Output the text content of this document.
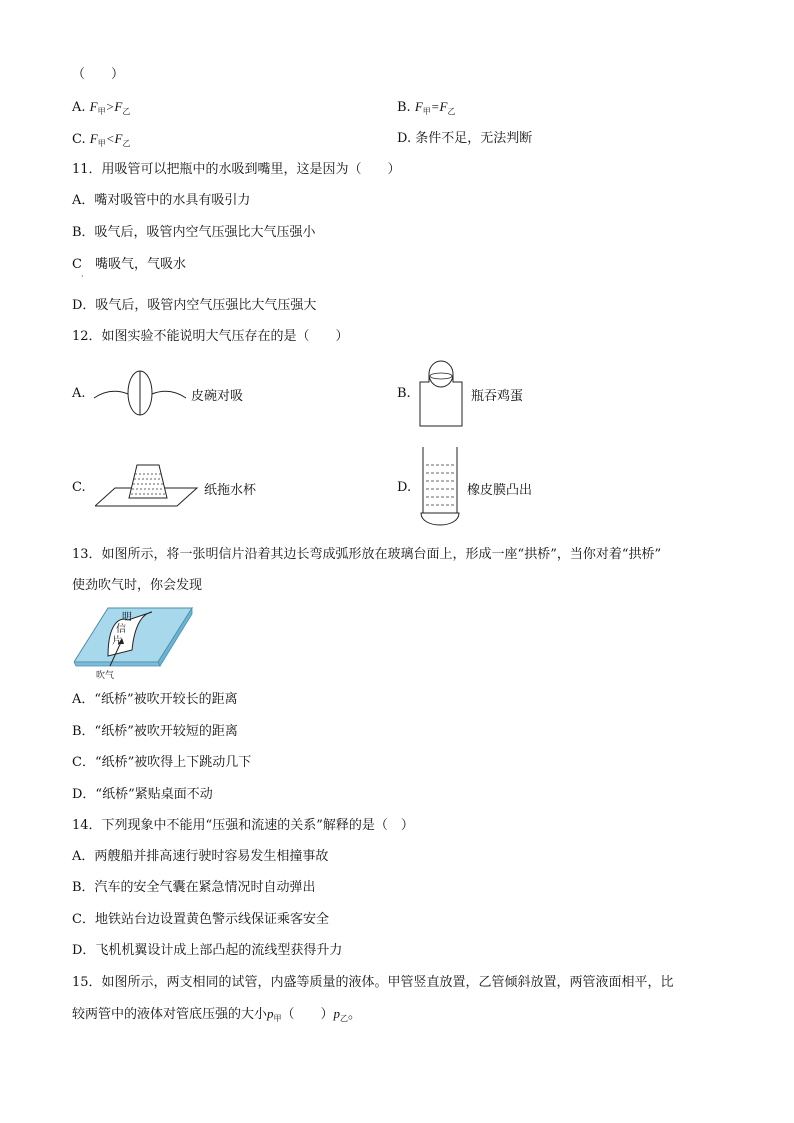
（　　）
A. $F_甲>F_乙$	B. $F_甲=F_乙$
C. $F_甲<F_乙$	D. 条件不足，无法判断
11．用吸管可以把瓶中的水吸到嘴里，这是因为（　　）
A．嘴对吸管中的水具有吸引力
B．吸气后，吸管内空气压强比大气压强小
C　嘴吸气，气吸水
·
D．吸气后，吸管内空气压强比大气压强大
12．如图实验不能说明大气压存在的是（　　）
A.	皮碗对吸	B.	瓶吞鸡蛋
C.	纸拖水杯	D.	橡皮膜凸出
13．如图所示，将一张明信片沿着其边长弯成弧形放在玻璃台面上，形成一座“拱桥”，当你对着“拱桥”
使劲吹气时，你会发现
明
信
片
吹气
A．“纸桥”被吹开较长的距离
B．“纸桥”被吹开较短的距离
C．“纸桥”被吹得上下跳动几下
D．“纸桥”紧贴桌面不动
14．下列现象中不能用“压强和流速的关系”解释的是（　）
A．两艘船并排高速行驶时容易发生相撞事故
B．汽车的安全气囊在紧急情况时自动弹出
C．地铁站台边设置黄色警示线保证乘客安全
D．飞机机翼设计成上部凸起的流线型获得升力
15．如图所示，两支相同的试管，内盛等质量的液体。甲管竖直放置，乙管倾斜放置，两管液面相平，比
较两管中的液体对管底压强的大小$p_甲$（　　）$p_乙$。
